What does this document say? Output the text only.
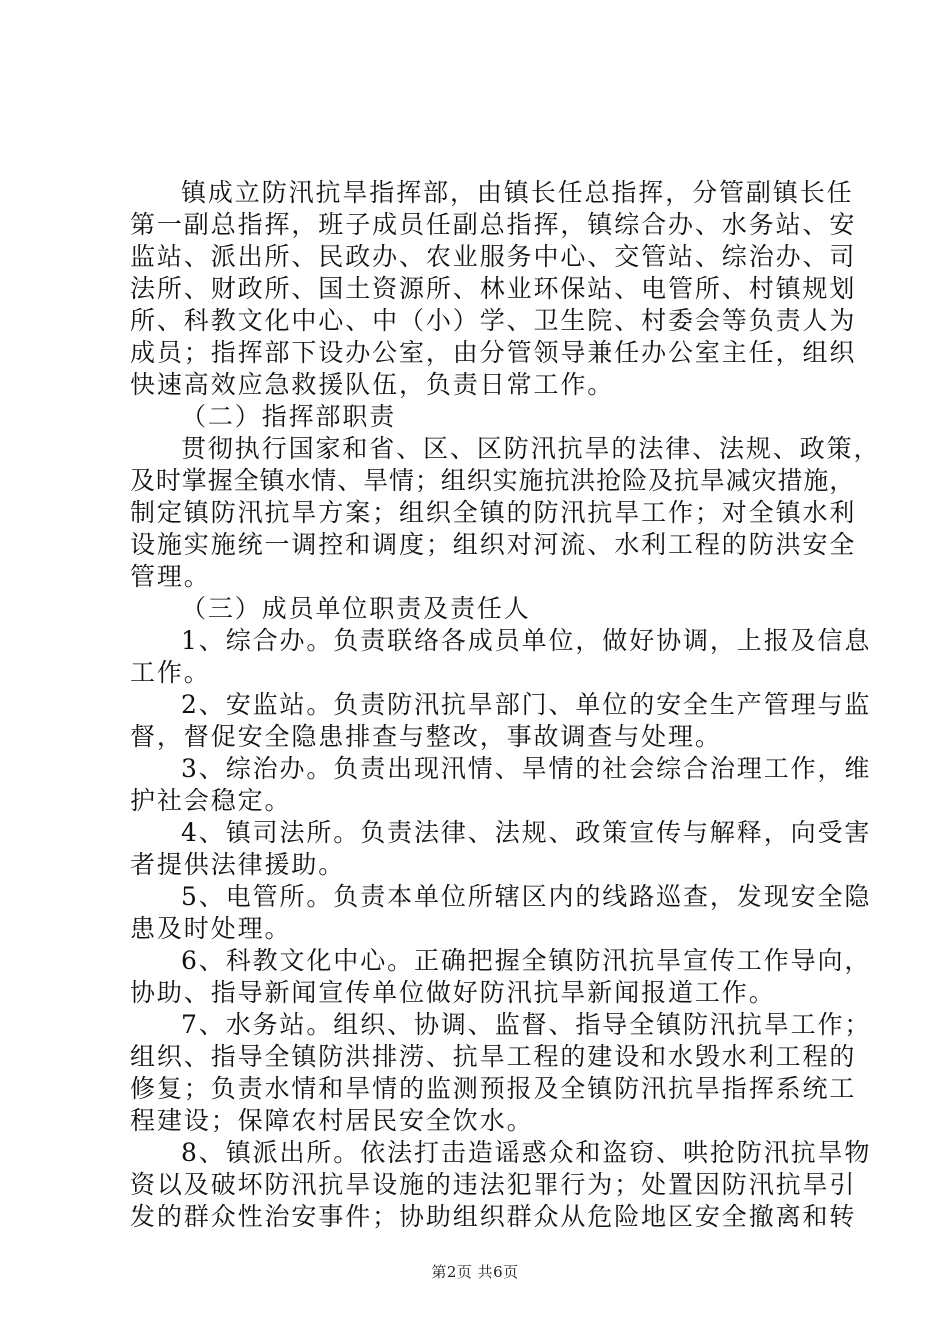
镇成立防汛抗旱指挥部，由镇长任总指挥，分管副镇长任
第一副总指挥，班子成员任副总指挥，镇综合办、水务站、安
监站、派出所、民政办、农业服务中心、交管站、综治办、司
法所、财政所、国土资源所、林业环保站、电管所、村镇规划
所、科教文化中心、中（小）学、卫生院、村委会等负责人为
成员；指挥部下设办公室，由分管领导兼任办公室主任，组织
快速高效应急救援队伍，负责日常工作。
（二）指挥部职责
贯彻执行国家和省、区、区防汛抗旱的法律、法规、政策，
及时掌握全镇水情、旱情；组织实施抗洪抢险及抗旱减灾措施，
制定镇防汛抗旱方案；组织全镇的防汛抗旱工作；对全镇水利
设施实施统一调控和调度；组织对河流、水利工程的防洪安全
管理。
（三）成员单位职责及责任人
1、综合办。负责联络各成员单位，做好协调，上报及信息
工作。
2、安监站。负责防汛抗旱部门、单位的安全生产管理与监
督，督促安全隐患排查与整改，事故调查与处理。
3、综治办。负责出现汛情、旱情的社会综合治理工作，维
护社会稳定。
4、镇司法所。负责法律、法规、政策宣传与解释，向受害
者提供法律援助。
5、电管所。负责本单位所辖区内的线路巡查，发现安全隐
患及时处理。
6、科教文化中心。正确把握全镇防汛抗旱宣传工作导向，
协助、指导新闻宣传单位做好防汛抗旱新闻报道工作。
7、水务站。组织、协调、监督、指导全镇防汛抗旱工作；
组织、指导全镇防洪排涝、抗旱工程的建设和水毁水利工程的
修复；负责水情和旱情的监测预报及全镇防汛抗旱指挥系统工
程建设；保障农村居民安全饮水。
8、镇派出所。依法打击造谣惑众和盗窃、哄抢防汛抗旱物
资以及破坏防汛抗旱设施的违法犯罪行为；处置因防汛抗旱引
发的群众性治安事件；协助组织群众从危险地区安全撤离和转
第2页 共6页
